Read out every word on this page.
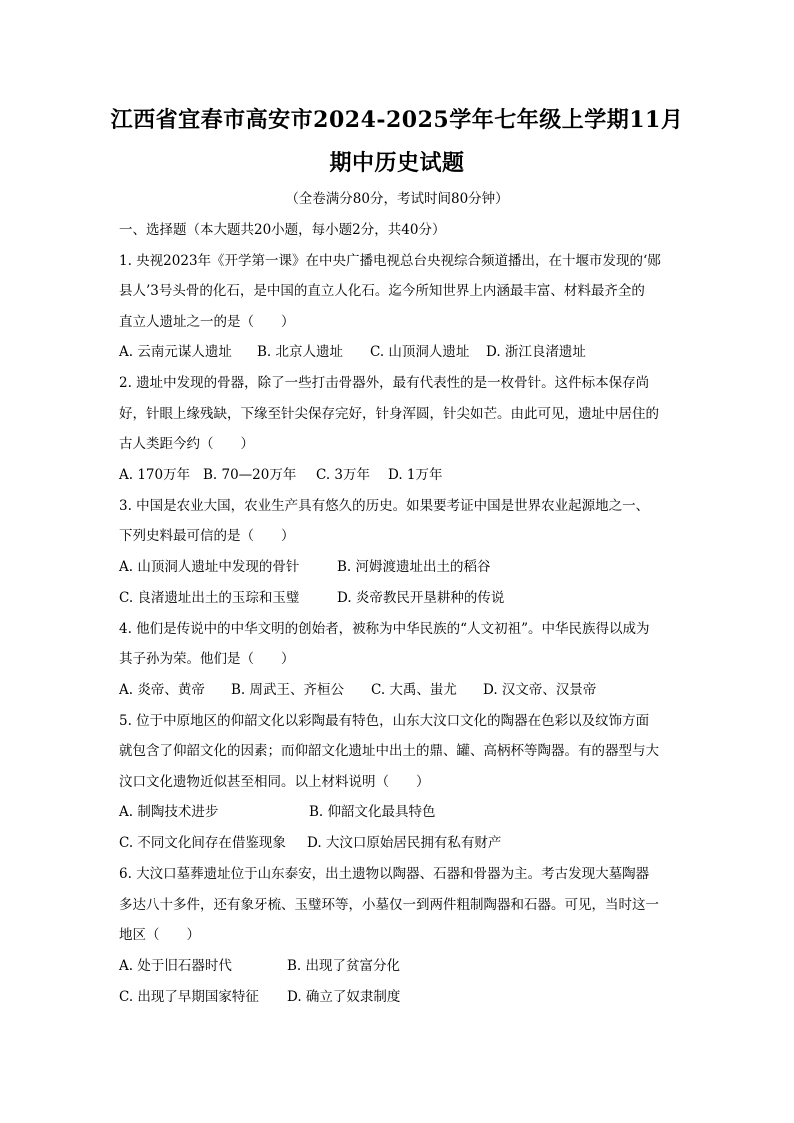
江西省宜春市高安市2024-2025学年七年级上学期11月
期中历史试题
（全卷满分80分，考试时间80分钟）
一、选择题（本大题共20小题，每小题2分，共40分）
1. 央视2023年《开学第一课》在中央广播电视总台央视综合频道播出，在十堰市发现的‘郧
县人’3号头骨的化石，是中国的直立人化石。迄今所知世界上内涵最丰富、材料最齐全的
直立人遗址之一的是（　　）
A. 云南元谋人遗址	B. 北京人遗址	C. 山顶洞人遗址	D. 浙江良渚遗址
2. 遗址中发现的骨器，除了一些打击骨器外，最有代表性的是一枚骨针。这件标本保存尚
好，针眼上缘残缺，下缘至针尖保存完好，针身浑圆，针尖如芒。由此可见，遗址中居住的
古人类距今约（　　）
A. 170万年 B. 70—20万年	C. 3万年	D. 1万年
3. 中国是农业大国，农业生产具有悠久的历史。如果要考证中国是世界农业起源地之一、
下列史料最可信的是（　　）
A. 山顶洞人遗址中发现的骨针	B. 河姆渡遗址出土的稻谷
C. 良渚遗址出土的玉琮和玉璧	D. 炎帝教民开垦耕种的传说
4. 他们是传说中的中华文明的创始者，被称为中华民族的“人文初祖”。中华民族得以成为
其子孙为荣。他们是（　　）
A. 炎帝、黄帝	B. 周武王、齐桓公	C. 大禹、蚩尤	D. 汉文帝、汉景帝
5. 位于中原地区的仰韶文化以彩陶最有特色，山东大汶口文化的陶器在色彩以及纹饰方面
就包含了仰韶文化的因素；而仰韶文化遗址中出土的鼎、罐、高柄杯等陶器。有的器型与大
汶口文化遗物近似甚至相同。以上材料说明（　　）
A. 制陶技术进步	B. 仰韶文化最具特色
C. 不同文化间存在借鉴现象	D. 大汶口原始居民拥有私有财产
6. 大汶口墓葬遗址位于山东泰安，出土遗物以陶器、石器和骨器为主。考古发现大墓陶器
多达八十多件，还有象牙梳、玉璧环等，小墓仅一到两件粗制陶器和石器。可见，当时这一
地区（　　）
A. 处于旧石器时代	B. 出现了贫富分化
C. 出现了早期国家特征	D. 确立了奴隶制度
